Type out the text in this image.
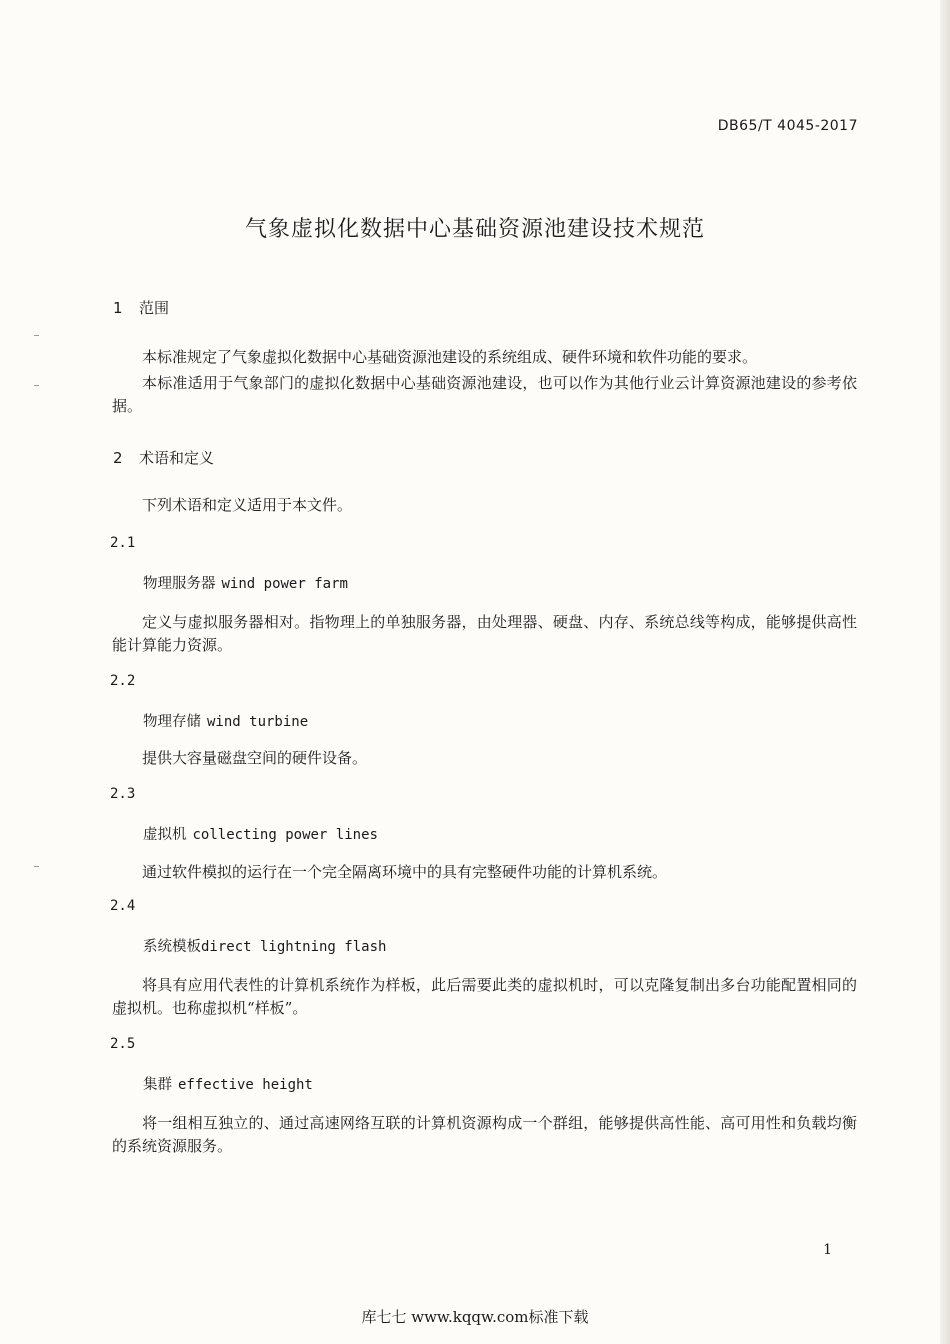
DB65/T 4045-2017
气象虚拟化数据中心基础资源池建设技术规范
1 范围

本标准规定了气象虚拟化数据中心基础资源池建设的系统组成、硬件环境和软件功能的要求。

本标准适用于气象部门的虚拟化数据中心基础资源池建设，也可以作为其他行业云计算资源池建设的参考依据。

2 术语和定义

下列术语和定义适用于本文件。

2.1
物理服务器 wind power farm

定义与虚拟服务器相对。指物理上的单独服务器，由处理器、硬盘、内存、系统总线等构成，能够提供高性能计算能力资源。

2.2
物理存储 wind turbine

提供大容量磁盘空间的硬件设备。

2.3
虚拟机 collecting power lines

通过软件模拟的运行在一个完全隔离环境中的具有完整硬件功能的计算机系统。

2.4
系统模板direct lightning flash

将具有应用代表性的计算机系统作为样板，此后需要此类的虚拟机时，可以克隆复制出多台功能配置相同的虚拟机。也称虚拟机“样板”。

2.5
集群 effective height

将一组相互独立的、通过高速网络互联的计算机资源构成一个群组，能够提供高性能、高可用性和负载均衡的系统资源服务。

1
库七七 www.kqqw.com标准下载
